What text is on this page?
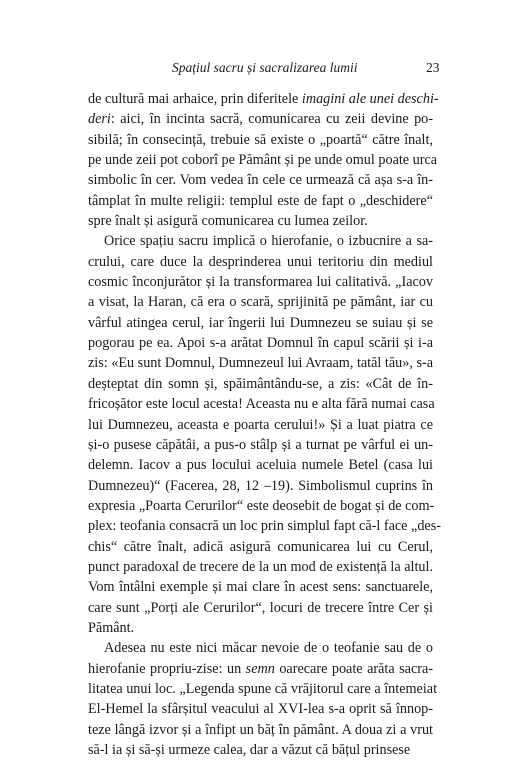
Spațiul sacru și sacralizarea lumii	23
de cultură mai arhaice, prin diferitele imagini ale unei deschi-
deri: aici, în incinta sacră, comunicarea cu zeii devine po-
sibilă; în consecință, trebuie să existe o „poartă“ către înalt,
pe unde zeii pot coborî pe Pământ și pe unde omul poate urca
simbolic în cer. Vom vedea în cele ce urmează că așa s-a în-
tâmplat în multe religii: templul este de fapt o „deschidere“
spre înalt și asigură comunicarea cu lumea zeilor.
Orice spațiu sacru implică o hierofanie, o izbucnire a sa-
crului, care duce la desprinderea unui teritoriu din mediul
cosmic înconjurător și la transformarea lui calitativă. „Iacov
a visat, la Haran, că era o scară, sprijinită pe pământ, iar cu
vârful atingea cerul, iar îngerii lui Dumnezeu se suiau și se
pogorau pe ea. Apoi s-a arătat Domnul în capul scării și i-a
zis: «Eu sunt Domnul, Dumnezeul lui Avraam, tatăl tău», s-a
deșteptat din somn și, spăimântându-se, a zis: «Cât de în-
fricoșător este locul acesta! Aceasta nu e alta fără numai casa
lui Dumnezeu, aceasta e poarta cerului!» Și a luat piatra ce
și-o pusese căpătâi, a pus-o stâlp și a turnat pe vârful ei un-
delemn. Iacov a pus locului aceluia numele Betel (casa lui
Dumnezeu)“ (Facerea, 28, 12 –19). Simbolismul cuprins în
expresia „Poarta Cerurilor“ este deosebit de bogat și de com-
plex: teofania consacră un loc prin simplul fapt că-l face „des-
chis“ către înalt, adică asigură comunicarea lui cu Cerul,
punct paradoxal de trecere de la un mod de existență la altul.
Vom întâlni exemple și mai clare în acest sens: sanctuarele,
care sunt „Porți ale Cerurilor“, locuri de trecere între Cer și
Pământ.
Adesea nu este nici măcar nevoie de o teofanie sau de o
hierofanie propriu-zise: un semn oarecare poate arăta sacra-
litatea unui loc. „Legenda spune că vrăjitorul care a întemeiat
El-Hemel la sfârșitul veacului al XVI-lea s-a oprit să înnop-
teze lângă izvor și a înfipt un băț în pământ. A doua zi a vrut
să-l ia și să-și urmeze calea, dar a văzut că bățul prinsese
